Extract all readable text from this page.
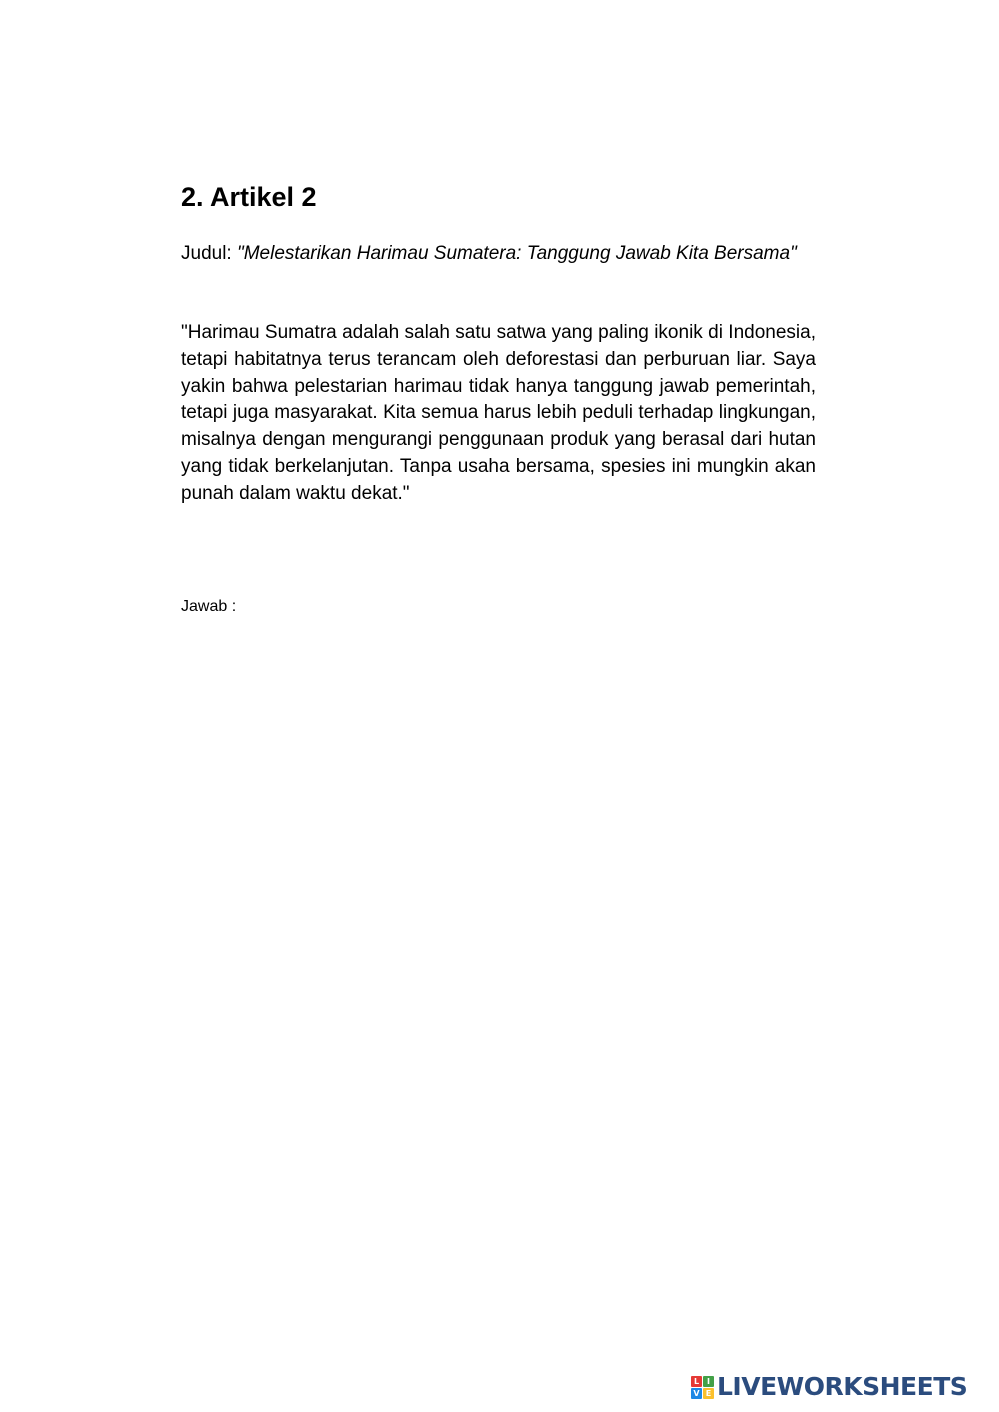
2. Artikel 2

Judul: "Melestarikan Harimau Sumatera: Tanggung Jawab Kita Bersama"

"Harimau Sumatra adalah salah satu satwa yang paling ikonik di Indonesia, tetapi habitatnya terus terancam oleh deforestasi dan perburuan liar. Saya yakin bahwa pelestarian harimau tidak hanya tanggung jawab pemerintah, tetapi juga masyarakat. Kita semua harus lebih peduli terhadap lingkungan, misalnya dengan mengurangi penggunaan produk yang berasal dari hutan yang tidak berkelanjutan. Tanpa usaha bersama, spesies ini mungkin akan punah dalam waktu dekat."

Jawab :

L I
V E LIVEWORKSHEETS
